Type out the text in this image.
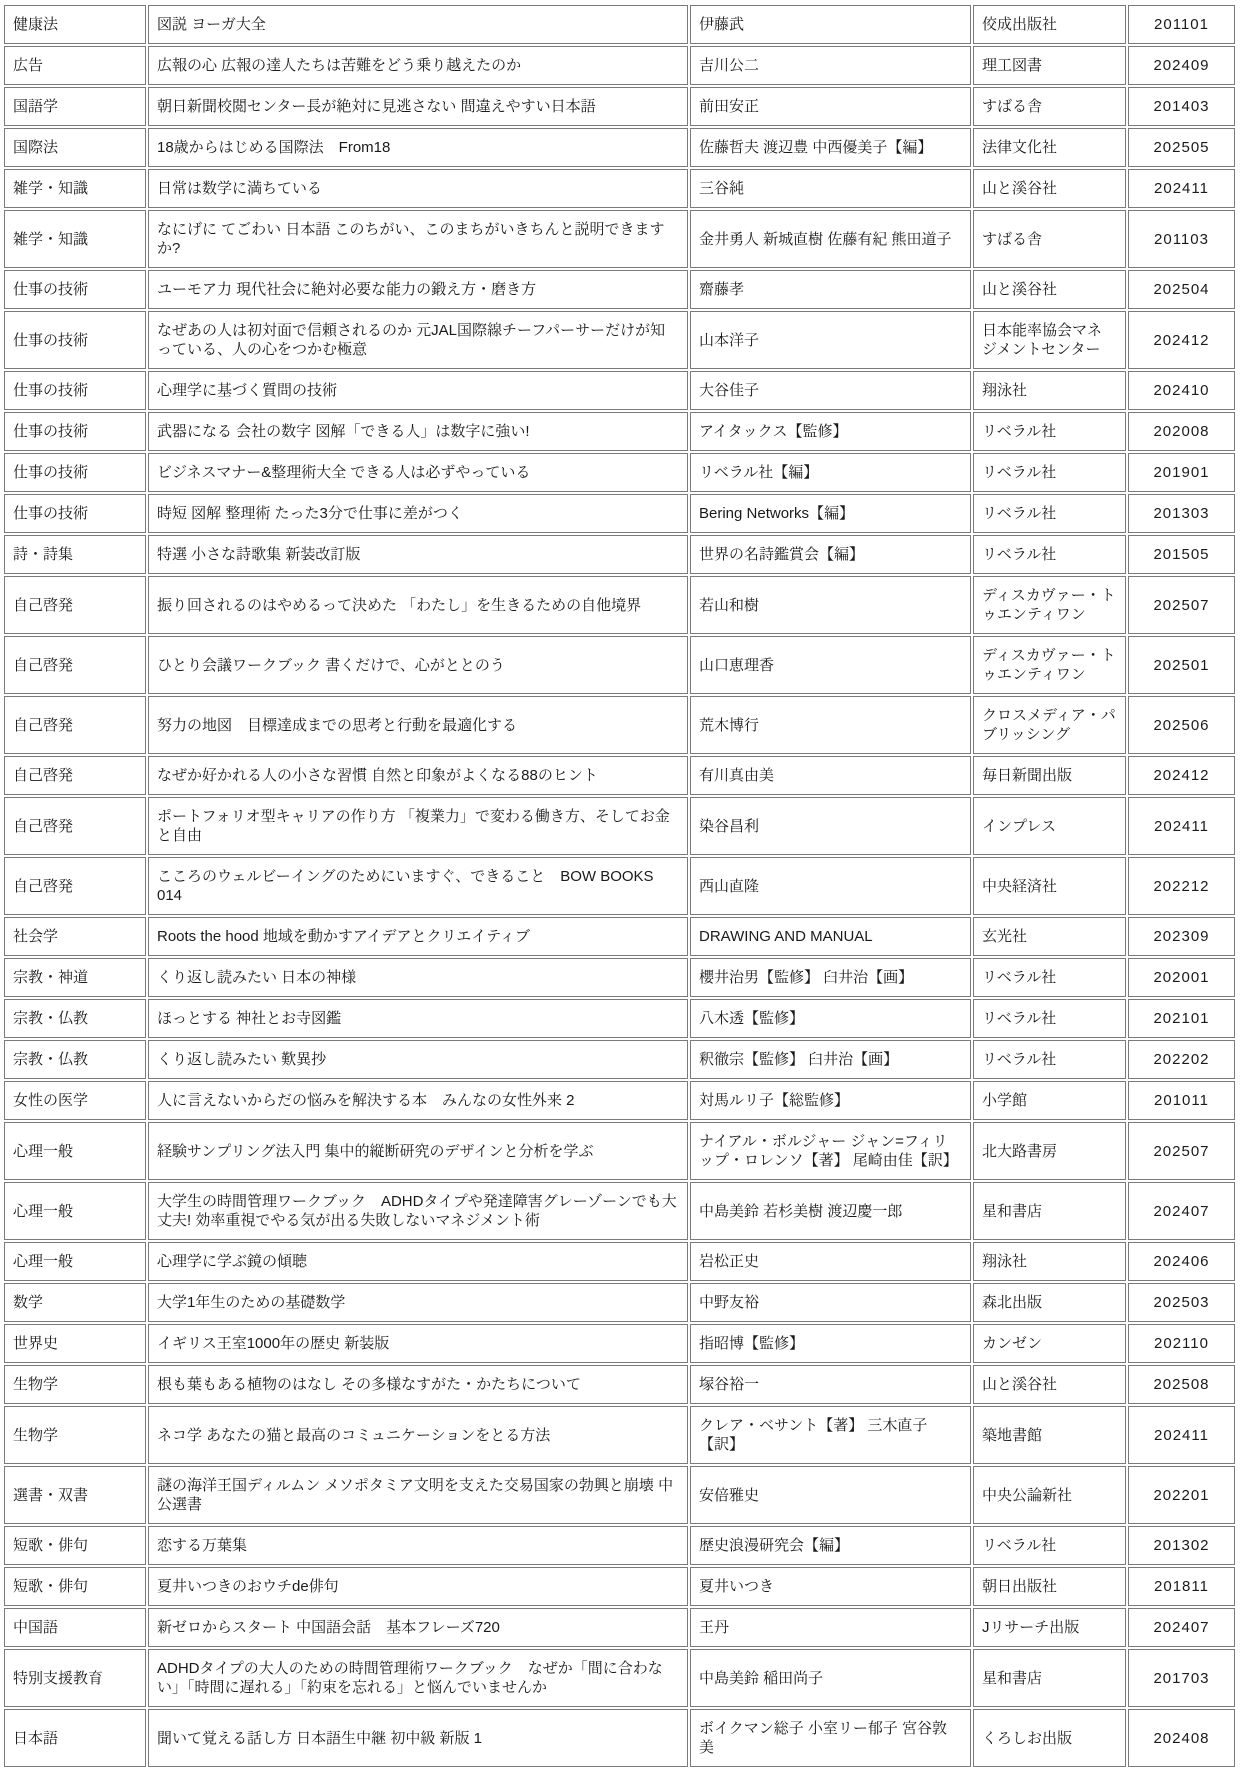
健康法	図説 ヨーガ大全	伊藤武	佼成出版社	201101
広告	広報の心 広報の達人たちは苦難をどう乗り越えたのか	吉川公二	理工図書	202409
国語学	朝日新聞校閲センター長が絶対に見逃さない 間違えやすい日本語	前田安正	すばる舎	201403
国際法	18歳からはじめる国際法　From18	佐藤哲夫 渡辺豊 中西優美子【編】	法律文化社	202505
雑学・知識	日常は数学に満ちている	三谷純	山と溪谷社	202411
雑学・知識	なにげに てごわい 日本語 このちがい、このまちがいきちんと説明できますか?	金井勇人 新城直樹 佐藤有紀 熊田道子	すばる舎	201103
仕事の技術	ユーモア力 現代社会に絶対必要な能力の鍛え方・磨き方	齋藤孝	山と溪谷社	202504
仕事の技術	なぜあの人は初対面で信頼されるのか 元JAL国際線チーフパーサーだけが知っている、人の心をつかむ極意	山本洋子	日本能率協会マネジメントセンター	202412
仕事の技術	心理学に基づく質問の技術	大谷佳子	翔泳社	202410
仕事の技術	武器になる 会社の数字 図解「できる人」は数字に強い!	アイタックス【監修】	リベラル社	202008
仕事の技術	ビジネスマナー&整理術大全 できる人は必ずやっている	リベラル社【編】	リベラル社	201901
仕事の技術	時短 図解 整理術 たった3分で仕事に差がつく	Bering Networks【編】	リベラル社	201303
詩・詩集	特選 小さな詩歌集 新装改訂版	世界の名詩鑑賞会【編】	リベラル社	201505
自己啓発	振り回されるのはやめるって決めた 「わたし」を生きるための自他境界	若山和樹	ディスカヴァー・トゥエンティワン	202507
自己啓発	ひとり会議ワークブック 書くだけで、心がととのう	山口恵理香	ディスカヴァー・トゥエンティワン	202501
自己啓発	努力の地図　目標達成までの思考と行動を最適化する	荒木博行	クロスメディア・パブリッシング	202506
自己啓発	なぜか好かれる人の小さな習慣 自然と印象がよくなる88のヒント	有川真由美	毎日新聞出版	202412
自己啓発	ポートフォリオ型キャリアの作り方 「複業力」で変わる働き方、そしてお金と自由	染谷昌利	インプレス	202411
自己啓発	こころのウェルビーイングのためにいますぐ、できること　BOW BOOKS 014	西山直隆	中央経済社	202212
社会学	Roots the hood 地域を動かすアイデアとクリエイティブ	DRAWING AND MANUAL	玄光社	202309
宗教・神道	くり返し読みたい 日本の神様	櫻井治男【監修】 臼井治【画】	リベラル社	202001
宗教・仏教	ほっとする 神社とお寺図鑑	八木透【監修】	リベラル社	202101
宗教・仏教	くり返し読みたい 歎異抄	釈徹宗【監修】 臼井治【画】	リベラル社	202202
女性の医学	人に言えないからだの悩みを解決する本　みんなの女性外来 2	対馬ルリ子【総監修】	小学館	201011
心理一般	経験サンプリング法入門 集中的縦断研究のデザインと分析を学ぶ	ナイアル・ボルジャー ジャン=フィリップ・ロレンソ【著】 尾崎由佳【訳】	北大路書房	202507
心理一般	大学生の時間管理ワークブック　ADHDタイプや発達障害グレーゾーンでも大丈夫! 効率重視でやる気が出る失敗しないマネジメント術	中島美鈴 若杉美樹 渡辺慶一郎	星和書店	202407
心理一般	心理学に学ぶ鏡の傾聴	岩松正史	翔泳社	202406
数学	大学1年生のための基礎数学	中野友裕	森北出版	202503
世界史	イギリス王室1000年の歴史 新装版	指昭博【監修】	カンゼン	202110
生物学	根も葉もある植物のはなし その多様なすがた・かたちについて	塚谷裕一	山と溪谷社	202508
生物学	ネコ学 あなたの猫と最高のコミュニケーションをとる方法	クレア・ベサント【著】 三木直子【訳】	築地書館	202411
選書・双書	謎の海洋王国ディルムン メソポタミア文明を支えた交易国家の勃興と崩壊 中公選書	安倍雅史	中央公論新社	202201
短歌・俳句	恋する万葉集	歴史浪漫研究会【編】	リベラル社	201302
短歌・俳句	夏井いつきのおウチde俳句	夏井いつき	朝日出版社	201811
中国語	新ゼロからスタート 中国語会話　基本フレーズ720	王丹	Jリサーチ出版	202407
特別支援教育	ADHDタイプの大人のための時間管理術ワークブック　なぜか「間に合わない」「時間に遅れる」「約束を忘れる」と悩んでいませんか	中島美鈴 稲田尚子	星和書店	201703
日本語	聞いて覚える話し方 日本語生中継 初中級 新版 1	ボイクマン総子 小室リー郁子 宮谷敦美	くろしお出版	202408
